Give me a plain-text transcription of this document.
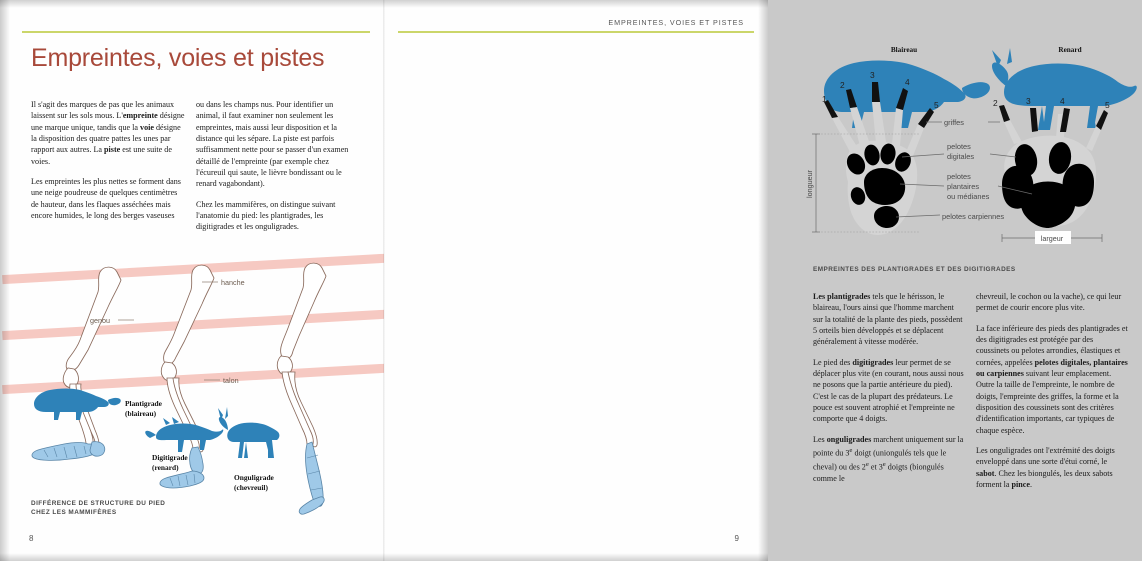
Empreintes, voies et pistes

Il s'agit des marques de pas que les animaux laissent sur les sols mous. L'empreinte désigne une marque unique, tandis que la voie désigne la disposition des quatre pattes les unes par rapport aux autres. La piste est une suite de voies.

Les empreintes les plus nettes se forment dans une neige poudreuse de quelques centimètres de hauteur, dans les flaques asséchées mais encore humides, le long des berges vaseuses

ou dans les champs nus. Pour identifier un animal, il faut examiner non seulement les empreintes, mais aussi leur disposition et la distance qui les sépare. La piste est parfois suffisamment nette pour se passer d'un examen détaillé de l'empreinte (par exemple chez l'écureuil qui saute, le lièvre bondissant ou le renard vagabondant).

Chez les mammifères, on distingue suivant l'anatomie du pied: les plantigrades, les digitigrades et les onguligrades.

hanche
genou
talon
Plantigrade
(blaireau)
Digitigrade
(renard)
Onguligrade
(chevreuil)
DIFFÉRENCE DE STRUCTURE DU PIED
CHEZ LES MAMMIFÈRES
8
EMPREINTES, VOIES ET PISTES
Blaireau	Renard
1
2
3
4
5	2	3	4	5
griffes
pelotes
digitales
pelotes
plantaires
ou médianes
pelotes carpiennes
longueur
largeur
EMPREINTES DES PLANTIGRADES ET DES DIGITIGRADES

Les plantigrades tels que le hérisson, le blaireau, l'ours ainsi que l'homme marchent sur la totalité de la plante des pieds, possèdent 5 orteils bien développés et se déplacent généralement à vitesse modérée.

Le pied des digitigrades leur permet de se déplacer plus vite (en courant, nous aussi nous ne posons que la partie antérieure du pied). C'est le cas de la plupart des prédateurs. Le pouce est souvent atrophié et l'empreinte ne comporte que 4 doigts.

Les onguligrades marchent uniquement sur la pointe du 3e doigt (uniongulés tels que le cheval) ou des 2e et 3e doigts (biongulés comme le

chevreuil, le cochon ou la vache), ce qui leur permet de courir encore plus vite.

La face inférieure des pieds des plantigrades et des digitigrades est protégée par des coussinets ou pelotes arrondies, élastiques et cornées, appelées pelotes digitales, plantaires ou carpiennes suivant leur emplacement. Outre la taille de l'empreinte, le nombre de doigts, l'empreinte des griffes, la forme et la disposition des coussinets sont des critères d'identification importants, car typiques de chaque espèce.

Les onguligrades ont l'extrémité des doigts enveloppé dans une sorte d'étui corné, le sabot. Chez les biongulés, les deux sabots forment la pince.

9
